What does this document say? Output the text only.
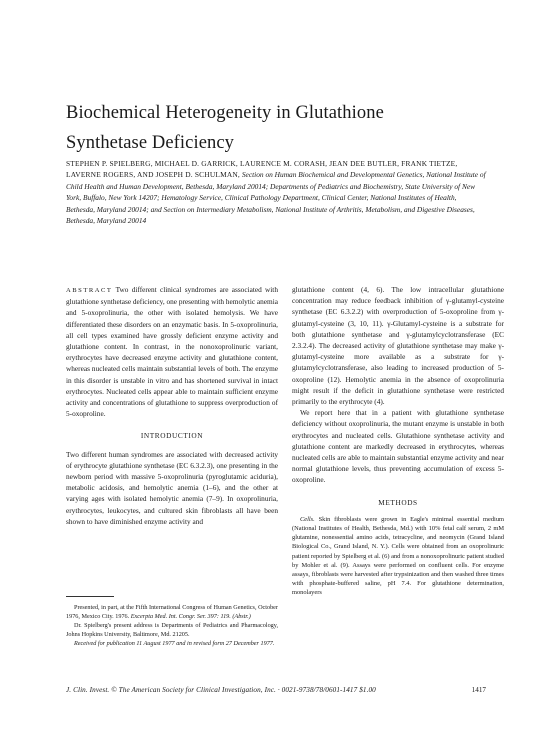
Biochemical Heterogeneity in Glutathione
Synthetase Deficiency
STEPHEN P. SPIELBERG, MICHAEL D. GARRICK, LAURENCE M. CORASH, JEAN DEE BUTLER, FRANK TIETZE, LAVERNE ROGERS, AND JOSEPH D. SCHULMAN, Section on Human Biochemical and Developmental Genetics, National Institute of Child Health and Human Development, Bethesda, Maryland 20014; Departments of Pediatrics and Biochemistry, State University of New York, Buffalo, New York 14207; Hematology Service, Clinical Pathology Department, Clinical Center, National Institutes of Health, Bethesda, Maryland 20014; and Section on Intermediary Metabolism, National Institute of Arthritis, Metabolism, and Digestive Diseases, Bethesda, Maryland 20014

ABSTRACT Two different clinical syndromes are associated with glutathione synthetase deficiency, one presenting with hemolytic anemia and 5-oxoprolinuria, the other with isolated hemolysis. We have differentiated these disorders on an enzymatic basis. In 5-oxoprolinuria, all cell types examined have grossly deficient enzyme activity and glutathione content. In contrast, in the nonoxoprolinuric variant, erythrocytes have decreased enzyme activity and glutathione content, whereas nucleated cells maintain substantial levels of both. The enzyme in this disorder is unstable in vitro and has shortened survival in intact erythrocytes. Nucleated cells appear able to maintain sufficient enzyme activity and concentrations of glutathione to suppress overproduction of 5-oxoproline.

INTRODUCTION

Two different human syndromes are associated with decreased activity of erythrocyte glutathione synthetase (EC 6.3.2.3), one presenting in the newborn period with massive 5-oxoprolinuria (pyroglutamic aciduria), metabolic acidosis, and hemolytic anemia (1–6), and the other at varying ages with isolated hemolytic anemia (7–9). In oxoprolinuria, erythrocytes, leukocytes, and cultured skin fibroblasts all have been shown to have diminished enzyme activity and

Presented, in part, at the Fifth International Congress of Human Genetics, October 1976, Mexico City. 1976. Excerpta Med. Int. Congr. Ser. 397: 119. (Abstr.)

Dr. Spielberg's present address is Departments of Pediatrics and Pharmacology, Johns Hopkins University, Baltimore, Md. 21205.

Received for publication 11 August 1977 and in revised form 27 December 1977.

glutathione content (4, 6). The low intracellular glutathione concentration may reduce feedback inhibition of γ-glutamyl-cysteine synthetase (EC 6.3.2.2) with overproduction of 5-oxoproline from γ-glutamyl-cysteine (3, 10, 11). γ-Glutamyl-cysteine is a substrate for both glutathione synthetase and γ-glutamylcyclotransferase (EC 2.3.2.4). The decreased activity of glutathione synthetase may make γ-glutamyl-cysteine more available as a substrate for γ-glutamylcyclotransferase, also leading to increased production of 5-oxoproline (12). Hemolytic anemia in the absence of oxoprolinuria might result if the deficit in glutathione synthetase were restricted primarily to the erythrocyte (4).

We report here that in a patient with glutathione synthetase deficiency without oxoprolinuria, the mutant enzyme is unstable in both erythrocytes and nucleated cells. Glutathione synthetase activity and glutathione content are markedly decreased in erythrocytes, whereas nucleated cells are able to maintain substantial enzyme activity and near normal glutathione levels, thus preventing accumulation of excess 5-oxoproline.

METHODS

Cells. Skin fibroblasts were grown in Eagle's minimal essential medium (National Institutes of Health, Bethesda, Md.) with 10% fetal calf serum, 2 mM glutamine, nonessential amino acids, tetracycline, and neomycin (Grand Island Biological Co., Grand Island, N. Y.). Cells were obtained from an oxoprolinuric patient reported by Spielberg et al. (6) and from a nonoxoprolinuric patient studied by Mohler et al. (9). Assays were performed on confluent cells. For enzyme assays, fibroblasts were harvested after trypsinization and then washed three times with phosphate-buffered saline, pH 7.4. For glutathione determination, monolayers

J. Clin. Invest. © The American Society for Clinical Investigation, Inc. · 0021-9738/78/0601-1417 $1.00	1417
